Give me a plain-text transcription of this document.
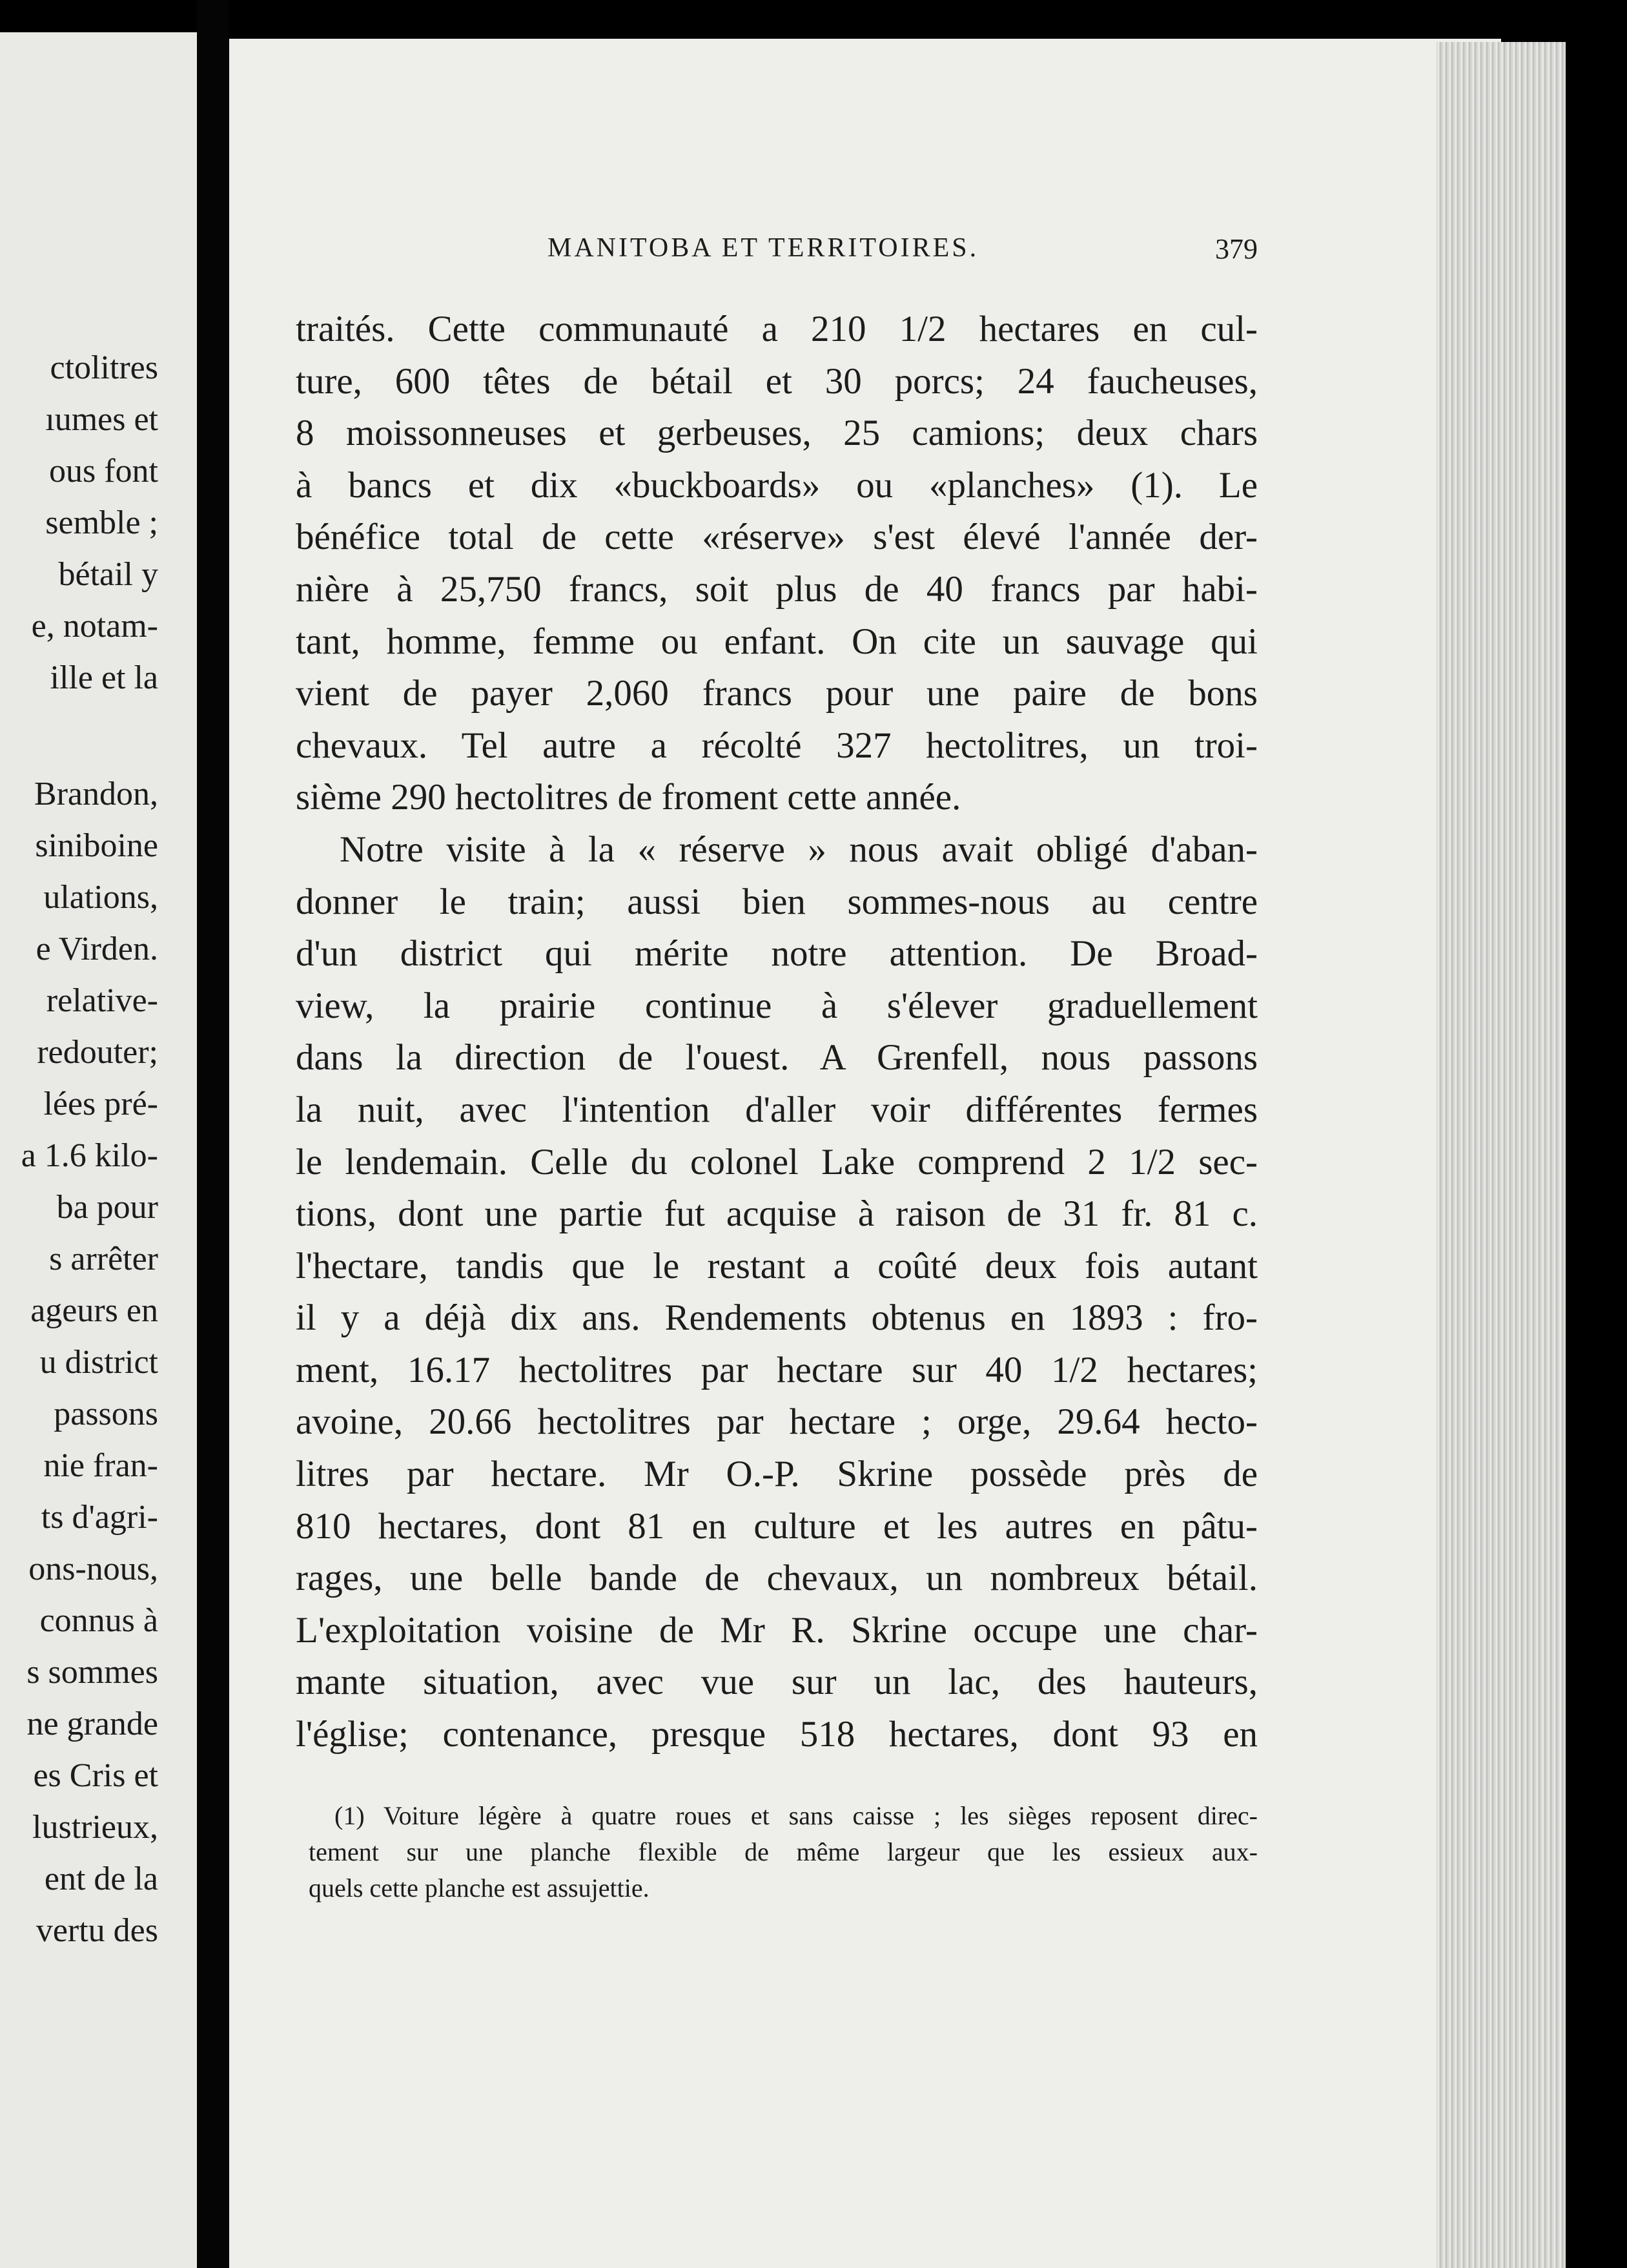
ctolitres
ıumes et
ous font
semble ;
bétail y
e, notam-
ille et la
Brandon,
siniboine
ulations,
e Virden.
relative-
redouter;
lées pré-
a 1.6 kilo-
ba pour
s arrêter
ageurs en
u district
passons
nie fran-
ts d'agri-
ons-nous,
connus à
s sommes
ne grande
es Cris et
lustrieux,
ent de la
vertu des
MANITOBA ET TERRITOIRES.	379
traités. Cette communauté a 210 1/2 hectares en cul-
ture, 600 têtes de bétail et 30 porcs; 24 faucheuses,
8 moissonneuses et gerbeuses, 25 camions; deux chars
à bancs et dix «buckboards» ou «planches» (1). Le
bénéfice total de cette «réserve» s'est élevé l'année der-
nière à 25,750 francs, soit plus de 40 francs par habi-
tant, homme, femme ou enfant. On cite un sauvage qui
vient de payer 2,060 francs pour une paire de bons
chevaux. Tel autre a récolté 327 hectolitres, un troi-
sième 290 hectolitres de froment cette année.
Notre visite à la « réserve » nous avait obligé d'aban-
donner le train; aussi bien sommes-nous au centre
d'un district qui mérite notre attention. De Broad-
view, la prairie continue à s'élever graduellement
dans la direction de l'ouest. A Grenfell, nous passons
la nuit, avec l'intention d'aller voir différentes fermes
le lendemain. Celle du colonel Lake comprend 2 1/2 sec-
tions, dont une partie fut acquise à raison de 31 fr. 81 c.
l'hectare, tandis que le restant a coûté deux fois autant
il y a déjà dix ans. Rendements obtenus en 1893 : fro-
ment, 16.17 hectolitres par hectare sur 40 1/2 hectares;
avoine, 20.66 hectolitres par hectare ; orge, 29.64 hecto-
litres par hectare. Mr O.-P. Skrine possède près de
810 hectares, dont 81 en culture et les autres en pâtu-
rages, une belle bande de chevaux, un nombreux bétail.
L'exploitation voisine de Mr R. Skrine occupe une char-
mante situation, avec vue sur un lac, des hauteurs,
l'église; contenance, presque 518 hectares, dont 93 en
(1) Voiture légère à quatre roues et sans caisse ; les sièges reposent direc-
tement sur une planche flexible de même largeur que les essieux aux-
quels cette planche est assujettie.
